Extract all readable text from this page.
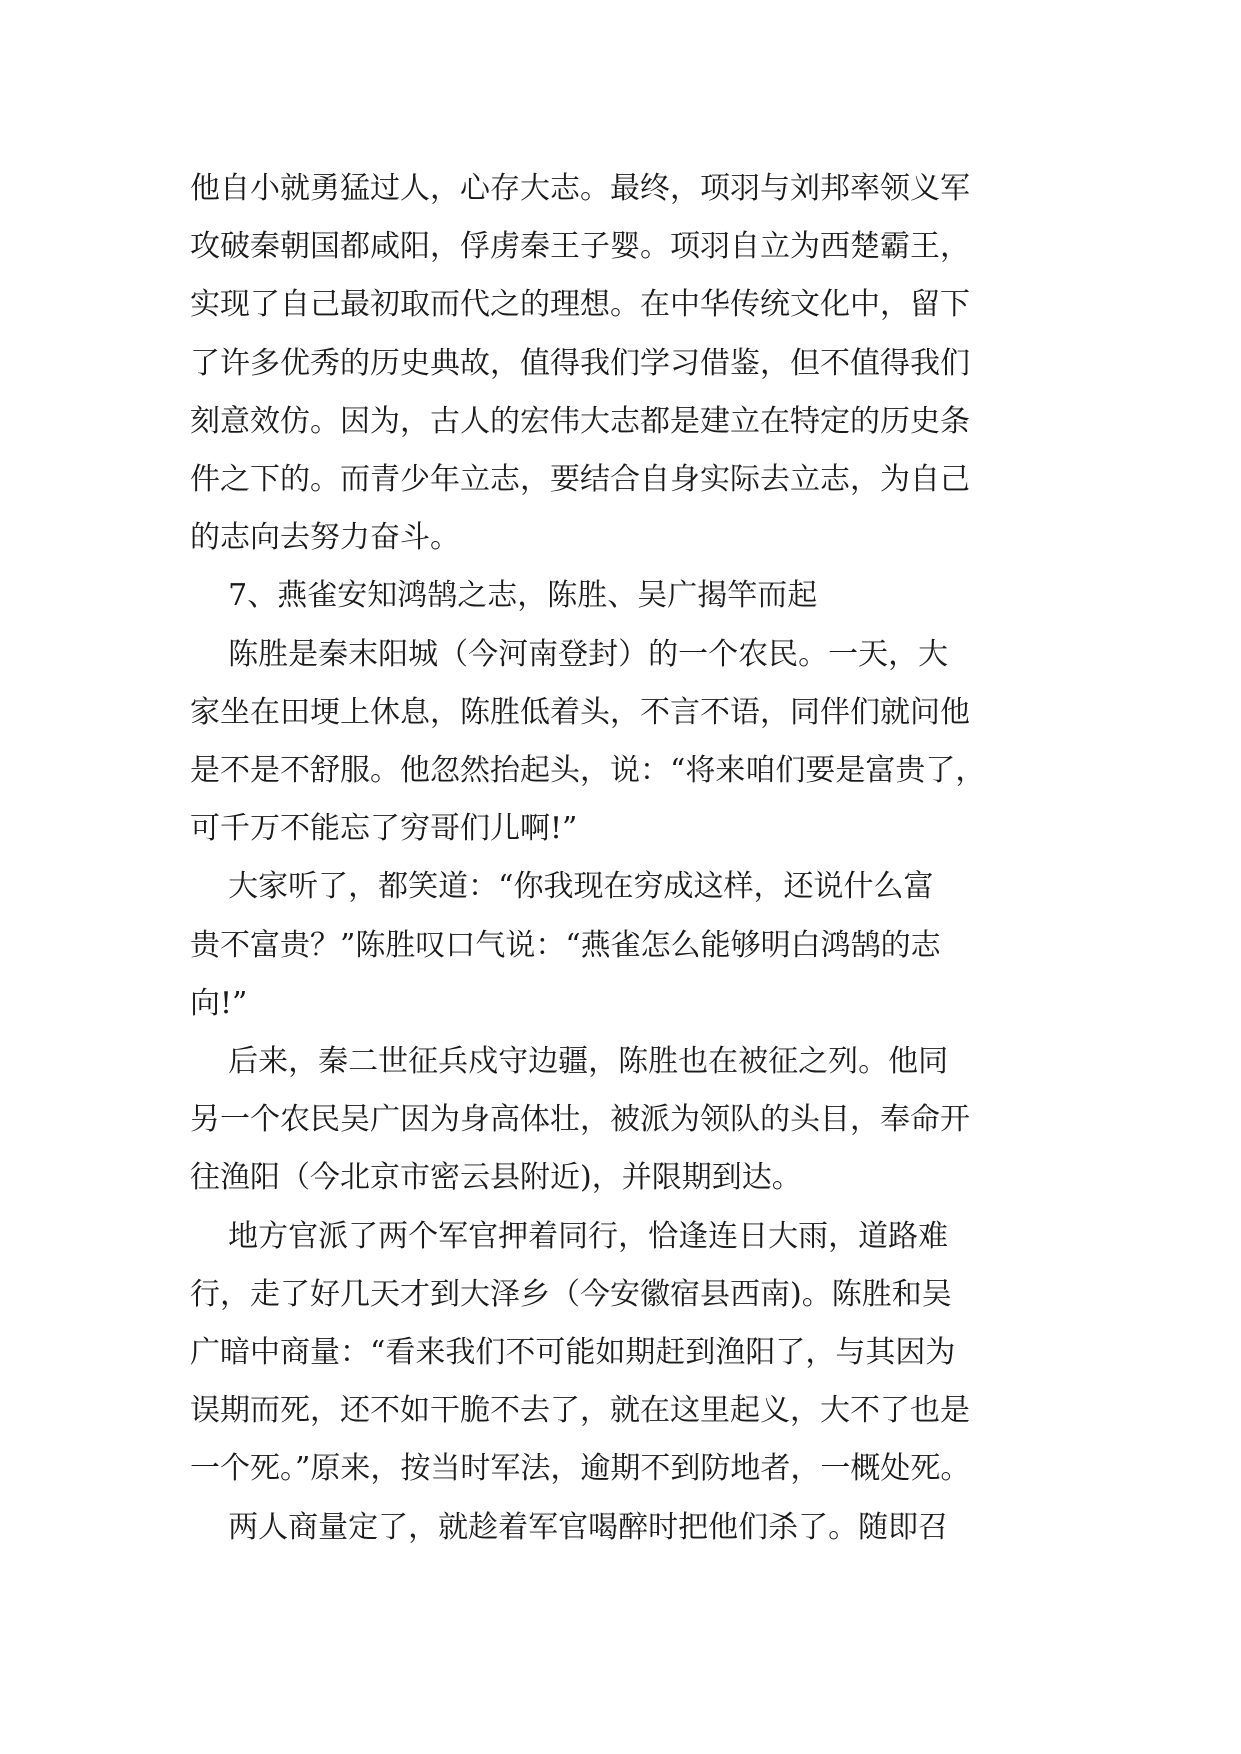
他自小就勇猛过人，心存大志。最终，项羽与刘邦率领义军

攻破秦朝国都咸阳，俘虏秦王子婴。项羽自立为西楚霸王，

实现了自己最初取而代之的理想。在中华传统文化中，留下

了许多优秀的历史典故，值得我们学习借鉴，但不值得我们

刻意效仿。因为，古人的宏伟大志都是建立在特定的历史条

件之下的。而青少年立志，要结合自身实际去立志，为自己

的志向去努力奋斗。

7、燕雀安知鸿鹄之志，陈胜、吴广揭竿而起

陈胜是秦末阳城（今河南登封）的一个农民。一天，大

家坐在田埂上休息，陈胜低着头，不言不语，同伴们就问他

是不是不舒服。他忽然抬起头，说：“将来咱们要是富贵了，

可千万不能忘了穷哥们儿啊!”

大家听了，都笑道：“你我现在穷成这样，还说什么富

贵不富贵？”陈胜叹口气说：“燕雀怎么能够明白鸿鹄的志

向!”

后来，秦二世征兵戍守边疆，陈胜也在被征之列。他同

另一个农民吴广因为身高体壮，被派为领队的头目，奉命开

往渔阳（今北京市密云县附近)，并限期到达。

地方官派了两个军官押着同行，恰逢连日大雨，道路难

行，走了好几天才到大泽乡（今安徽宿县西南)。陈胜和吴

广暗中商量：“看来我们不可能如期赶到渔阳了，与其因为

误期而死，还不如干脆不去了，就在这里起义，大不了也是

一个死。”原来，按当时军法，逾期不到防地者，一概处死。

两人商量定了，就趁着军官喝醉时把他们杀了。随即召
